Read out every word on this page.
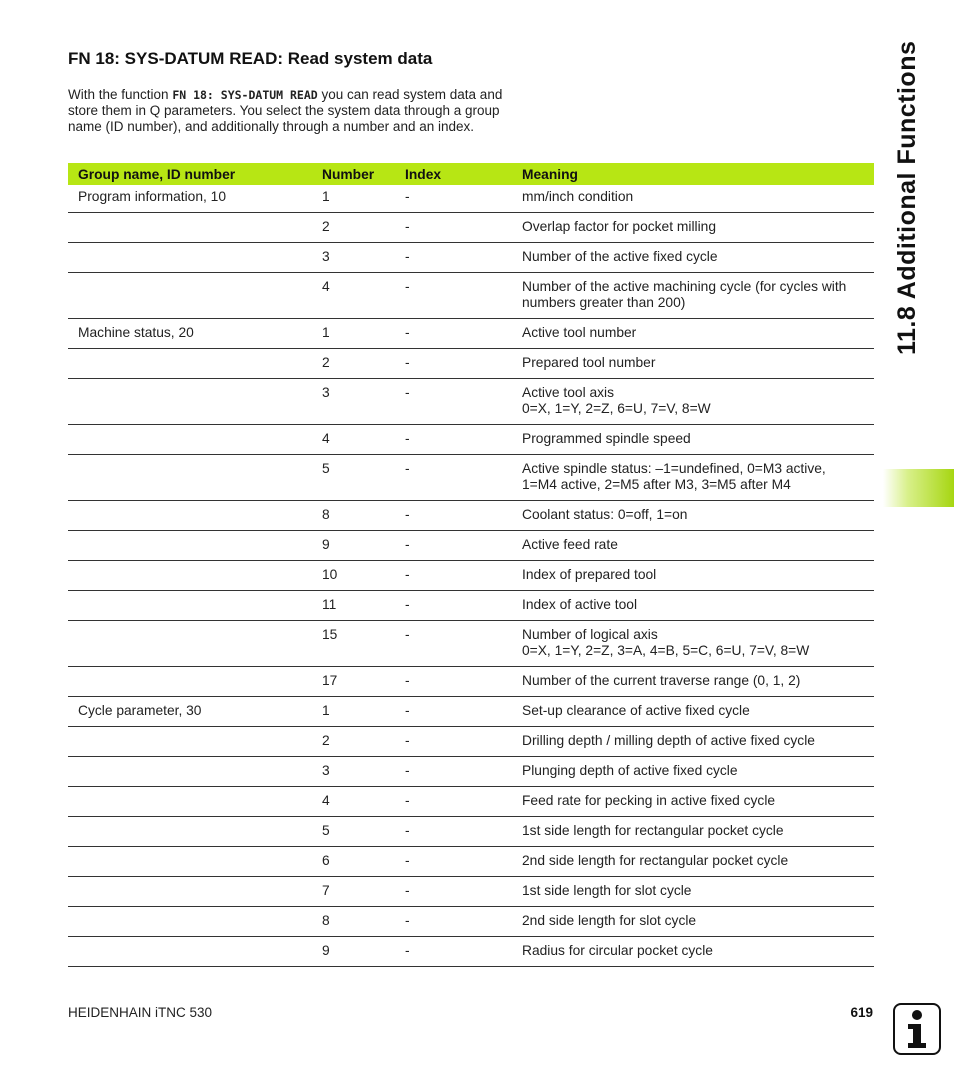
FN 18: SYS-DATUM READ: Read system data
With the function FN 18: SYS-DATUM READ you can read system data and store them in Q parameters. You select the system data through a group name (ID number), and additionally through a number and an index.
Group name, ID number	Number	Index	Meaning
Program information, 10	1	-	mm/inch condition

	2	-	Overlap factor for pocket milling

	3	-	Number of the active fixed cycle

	4	-	Number of the active machining cycle (for cycles with numbers greater than 200)

Machine status, 20	1	-	Active tool number

	2	-	Prepared tool number

	3	-	Active tool axis
0=X, 1=Y, 2=Z, 6=U, 7=V, 8=W

	4	-	Programmed spindle speed

	5	-	Active spindle status: –1=undefined, 0=M3 active,
1=M4 active, 2=M5 after M3, 3=M5 after M4

	8	-	Coolant status: 0=off, 1=on

	9	-	Active feed rate

	10	-	Index of prepared tool

	11	-	Index of active tool

	15	-	Number of logical axis
0=X, 1=Y, 2=Z, 3=A, 4=B, 5=C, 6=U, 7=V, 8=W

	17	-	Number of the current traverse range (0, 1, 2)

Cycle parameter, 30	1	-	Set-up clearance of active fixed cycle

	2	-	Drilling depth / milling depth of active fixed cycle

	3	-	Plunging depth of active fixed cycle

	4	-	Feed rate for pecking in active fixed cycle

	5	-	1st side length for rectangular pocket cycle

	6	-	2nd side length for rectangular pocket cycle

	7	-	1st side length for slot cycle

	8	-	2nd side length for slot cycle

	9	-	Radius for circular pocket cycle
11.8 Additional Functions
HEIDENHAIN iTNC 530	619
